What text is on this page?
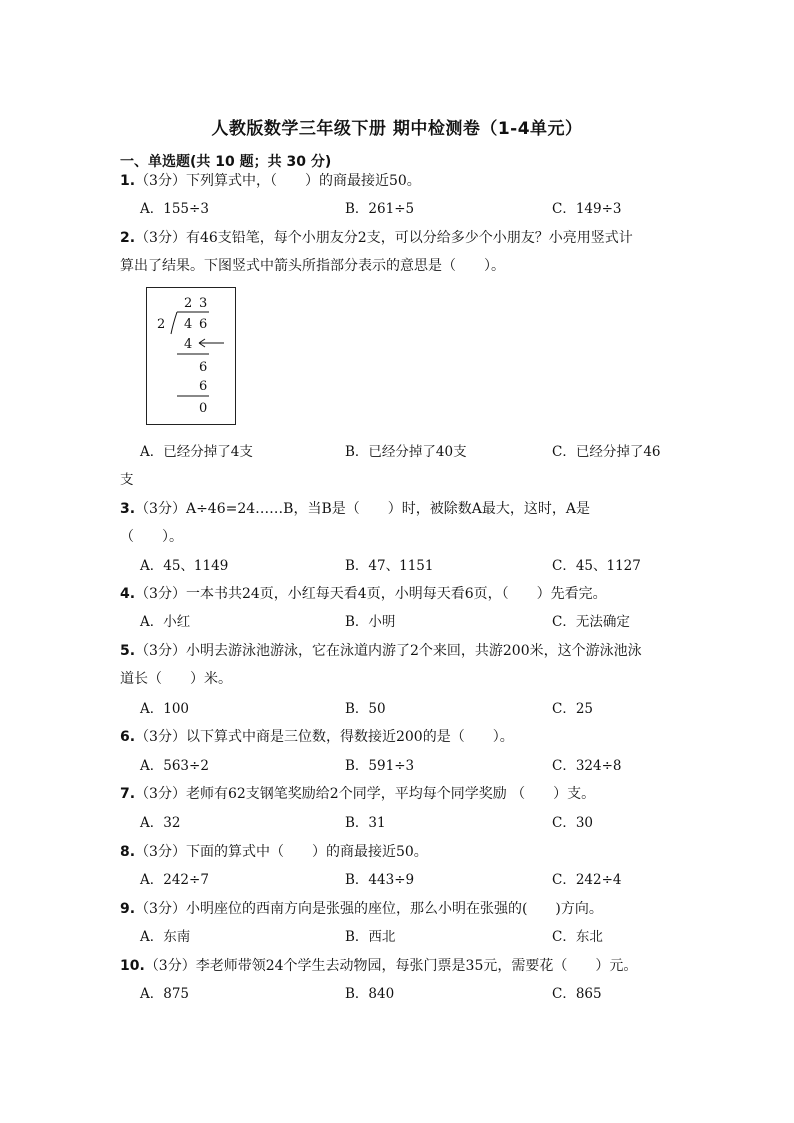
人教版数学三年级下册 期中检测卷（1-4单元）
一、单选题(共 10 题；共 30 分)
1.（3分）下列算式中，（　　）的商最接近50。
A．155÷3	B．261÷5	C．149÷3
2.（3分）有46支铅笔，每个小朋友分2支，可以分给多少个小朋友？小亮用竖式计
算出了结果。下图竖式中箭头所指部分表示的意思是（　　）。
2 3
2 4 6
4
6
6
0
A．已经分掉了4支	B．已经分掉了40支	C．已经分掉了46
支
3.（3分）A÷46=24……B，当B是（　　）时，被除数A最大，这时，A是
（　　）。
A．45、1149	B．47、1151	C．45、1127
4.（3分）一本书共24页，小红每天看4页，小明每天看6页，（　　）先看完。
A．小红	B．小明	C．无法确定
5.（3分）小明去游泳池游泳，它在泳道内游了2个来回，共游200米，这个游泳池泳
道长（　　）米。
A．100	B．50	C．25
6.（3分）以下算式中商是三位数，得数接近200的是（　　）。
A．563÷2	B．591÷3	C．324÷8
7.（3分）老师有62支钢笔奖励给2个同学，平均每个同学奖励 （　　）支。
A．32	B．31	C．30
8.（3分）下面的算式中（　　）的商最接近50。
A．242÷7	B．443÷9	C．242÷4
9.（3分）小明座位的西南方向是张强的座位，那么小明在张强的(　　)方向。
A．东南	B．西北	C．东北
10.（3分）李老师带领24个学生去动物园，每张门票是35元，需要花（　　）元。
A．875	B．840	C．865
